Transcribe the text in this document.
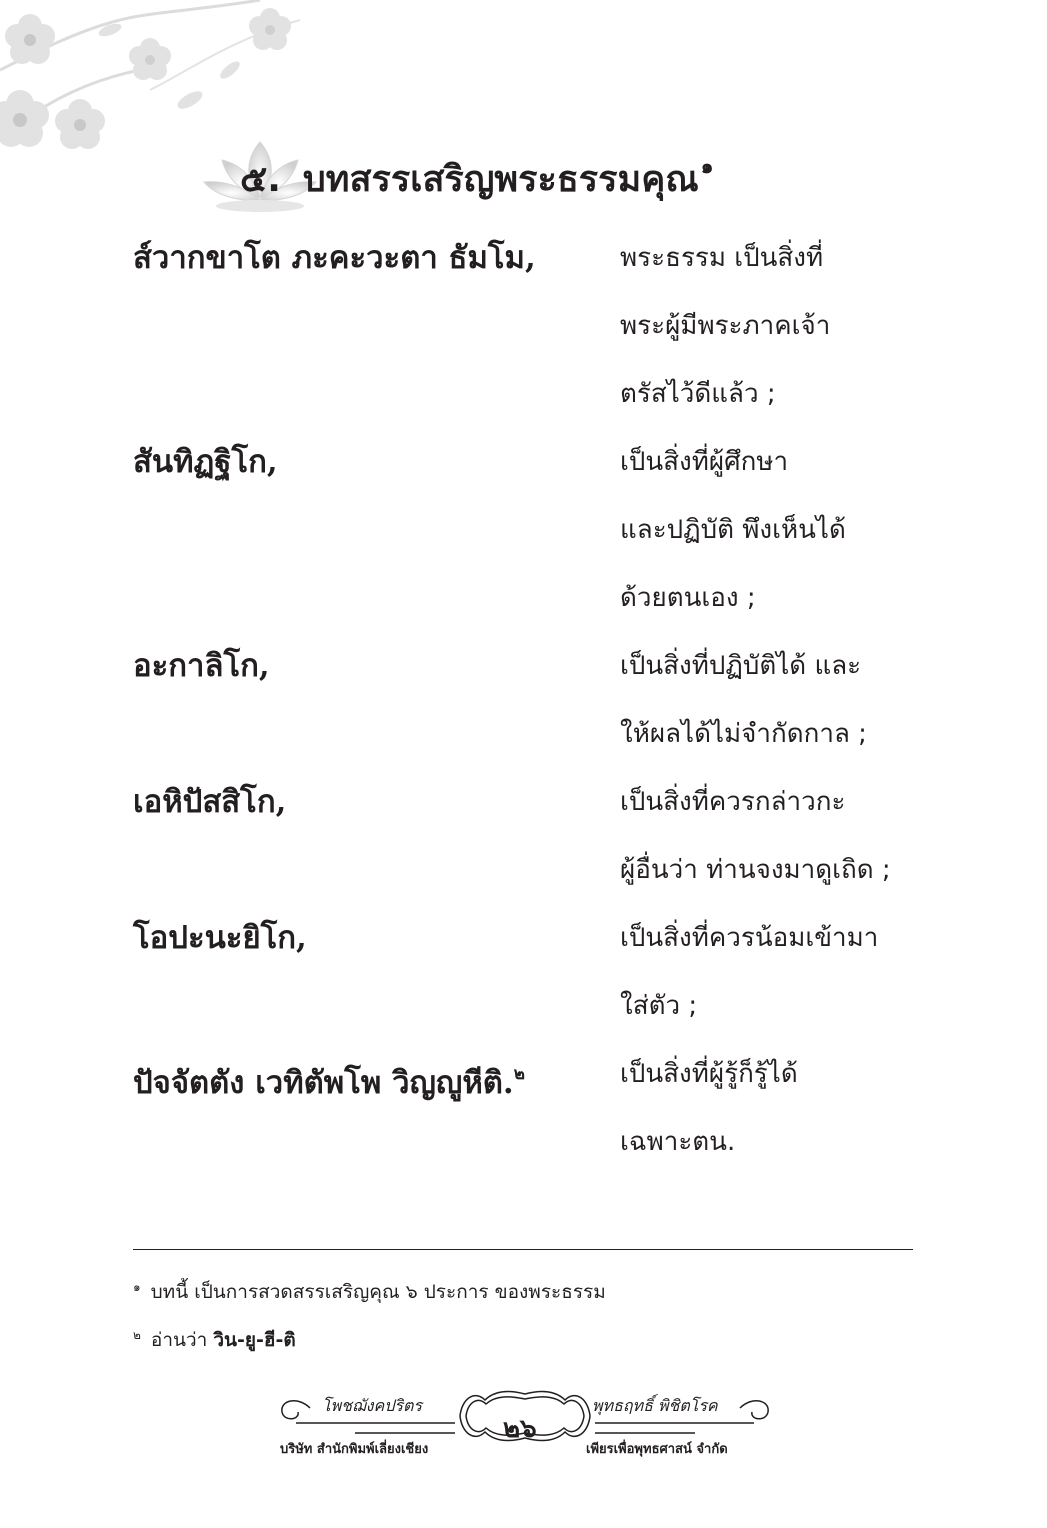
๕. บทสรรเสริญพระธรรมคุณ $^๑$
ส์วากขาโต ภะคะวะตา ธัมโม,	พระธรรม เป็นสิ่งที่
พระผู้มีพระภาคเจ้า
ตรัสไว้ดีแล้ว ;
สันทิฏฐิโก,	เป็นสิ่งที่ผู้ศึกษา
และปฏิบัติ พึงเห็นได้
ด้วยตนเอง ;
อะกาลิโก,	เป็นสิ่งที่ปฏิบัติได้ และ
ให้ผลได้ไม่จำกัดกาล ;
เอหิปัสสิโก,	เป็นสิ่งที่ควรกล่าวกะ
ผู้อื่นว่า ท่านจงมาดูเถิด ;
โอปะนะยิโก,	เป็นสิ่งที่ควรน้อมเข้ามา
ใส่ตัว ;
ปัจจัตตัง เวทิตัพโพ วิญญูหีติ.$^๒$	เป็นสิ่งที่ผู้รู้ก็รู้ได้
เฉพาะตน.
$^๑$ บทนี้ เป็นการสวดสรรเสริญคุณ ๖ ประการ ของพระธรรม
$^๒$ อ่านว่า วิน-ยู-ฮี-ติ
โพชฌังคปริตร	พุทธฤทธิ์ พิชิตโรค
๒๖
บริษัท สำนักพิมพ์เลี่ยงเชียง	เพียรเพื่อพุทธศาสน์ จำกัด
